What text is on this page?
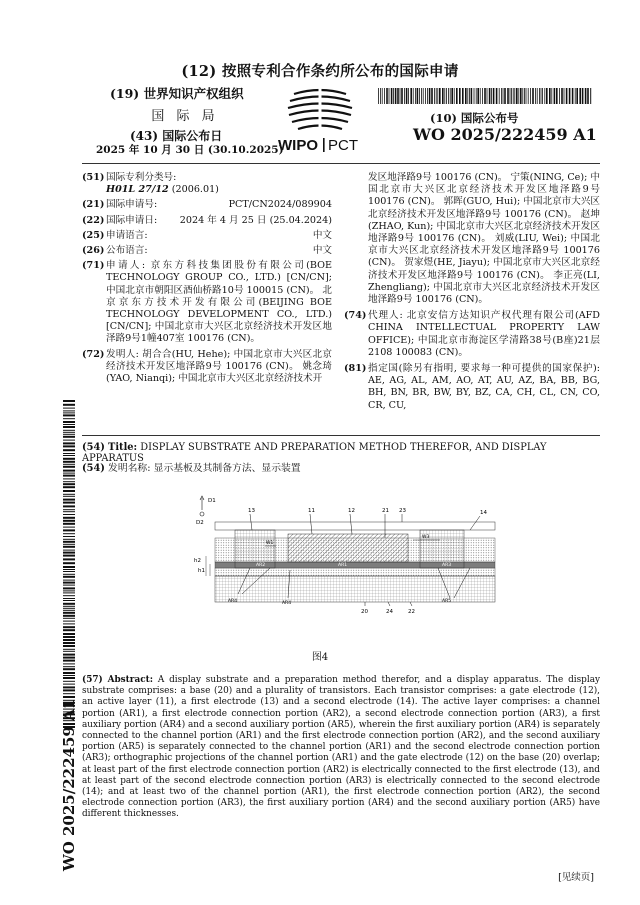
(12) 按照专利合作条约所公布的国际申请
(19) 世界知识产权组织
国 际 局
(43) 国际公布日
2025 年 10 月 30 日 (30.10.2025)
WIPO PCT
(10) 国际公布号
WO 2025/222459 A1
WO 2025/222459 A1
(51) 国际专利分类号:
H01L 27/12 (2006.01)
(21) 国际申请号:	PCT/CN2024/089904
(22) 国际申请日: 2024 年 4 月 25 日 (25.04.2024)
(25) 申请语言:	中文
(26) 公布语言:	中文
(71) 申请人: 京东方科技集团股份有限公司(BOE TECHNOLOGY GROUP CO., LTD.) [CN/CN]; 中国北京市朝阳区酒仙桥路10号 100015 (CN)。 北京京东方技术开发有限公司(BEIJING BOE TECHNOLOGY DEVELOPMENT CO., LTD.) [CN/CN]; 中国北京市大兴区北京经济技术开发区地泽路9号1幢407室 100176 (CN)。
(72) 发明人: 胡合合(HU, Hehe); 中国北京市大兴区北京经济技术开发区地泽路9号 100176 (CN)。 姚念琦(YAO, Nianqi); 中国北京市大兴区北京经济技术开
发区地泽路9号 100176 (CN)。 宁策(NING, Ce); 中国北京市大兴区北京经济技术开发区地泽路9号 100176 (CN)。 郭晖(GUO, Hui); 中国北京市大兴区北京经济技术开发区地泽路9号 100176 (CN)。 赵坤(ZHAO, Kun); 中国北京市大兴区北京经济技术开发区地泽路9号 100176 (CN)。 刘威(LIU, Wei); 中国北京市大兴区北京经济技术开发区地泽路9号 100176 (CN)。 贺家煜(HE, Jiayu); 中国北京市大兴区北京经济技术开发区地泽路9号 100176 (CN)。 李正亮(LI, Zhengliang); 中国北京市大兴区北京经济技术开发区地泽路9号 100176 (CN)。
(74) 代理人: 北京安信方达知识产权代理有限公司(AFD CHINA INTELLECTUAL PROPERTY LAW OFFICE); 中国北京市海淀区学清路38号(B座)21层2108 100083 (CN)。
(81) 指定国(除另有指明, 要求每一种可提供的国家保护): AE, AG, AL, AM, AO, AT, AU, AZ, BA, BB, BG, BH, BN, BR, BW, BY, BZ, CA, CH, CL, CN, CO, CR, CU,
(54) Title: DISPLAY SUBSTRATE AND PREPARATION METHOD THEREFOR, AND DISPLAY APPARATUS
(54) 发明名称: 显示基板及其制备方法、显示装置
D1
D2
13	11	12	21 23	14
W1
W3
h2
h1
AR2	AR1	AR3
AR4	AR5
AR4
20	24	22
图4
(57) Abstract: A display substrate and a preparation method therefor, and a display apparatus. The display substrate comprises: a base (20) and a plurality of transistors. Each transistor comprises: a gate electrode (12), an active layer (11), a first electrode (13) and a second electrode (14). The active layer comprises: a channel portion (AR1), a first electrode connection portion (AR2), a second electrode connection portion (AR3), a first auxiliary portion (AR4) and a second auxiliary portion (AR5), wherein the first auxiliary portion (AR4) is separately connected to the channel portion (AR1) and the first electrode connection portion (AR2), and the second auxiliary portion (AR5) is separately connected to the channel portion (AR1) and the second electrode connection portion (AR3); orthographic projections of the channel portion (AR1) and the gate electrode (12) on the base (20) overlap; at least part of the first electrode connection portion (AR2) is electrically connected to the first electrode (13), and at least part of the second electrode connection portion (AR3) is electrically connected to the second electrode (14); and at least two of the channel portion (AR1), the first electrode connection portion (AR2), the second electrode connection portion (AR3), the first auxiliary portion (AR4) and the second auxiliary portion (AR5) have different thicknesses.
[见续页]
